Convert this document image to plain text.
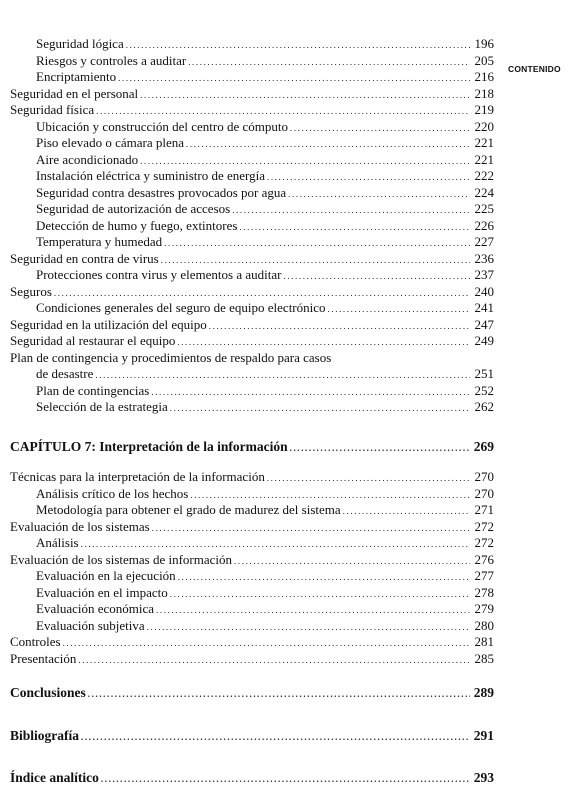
CONTENIDO
Seguridad lógica .....	196
Riesgos y controles a auditar .....	205
Encriptamiento .....	216
Seguridad en el personal .....	218
Seguridad física .....	219
Ubicación y construcción del centro de cómputo .....	220
Piso elevado o cámara plena .....	221
Aire acondicionado .....	221
Instalación eléctrica y suministro de energía .....	222
Seguridad contra desastres provocados por agua .....	224
Seguridad de autorización de accesos .....	225
Detección de humo y fuego, extintores .....	226
Temperatura y humedad .....	227
Seguridad en contra de virus .....	236
Protecciones contra virus y elementos a auditar .....	237
Seguros .....	240
Condiciones generales del seguro de equipo electrónico .....	241
Seguridad en la utilización del equipo .....	247
Seguridad al restaurar el equipo .....	249
Plan de contingencia y procedimientos de respaldo para casos
de desastre .....	251
Plan de contingencias .....	252
Selección de la estrategia .....	262
CAPÍTULO 7: Interpretación de la información .....	269
Técnicas para la interpretación de la información .....	270
Análisis crítico de los hechos .....	270
Metodología para obtener el grado de madurez del sistema .....	271
Evaluación de los sistemas .....	272
Análisis .....	272
Evaluación de los sistemas de información .....	276
Evaluación en la ejecución .....	277
Evaluación en el impacto .....	278
Evaluación económica .....	279
Evaluación subjetiva .....	280
Controles .....	281
Presentación .....	285
Conclusiones .....	289
Bibliografía .....	291
Índice analítico .....	293
